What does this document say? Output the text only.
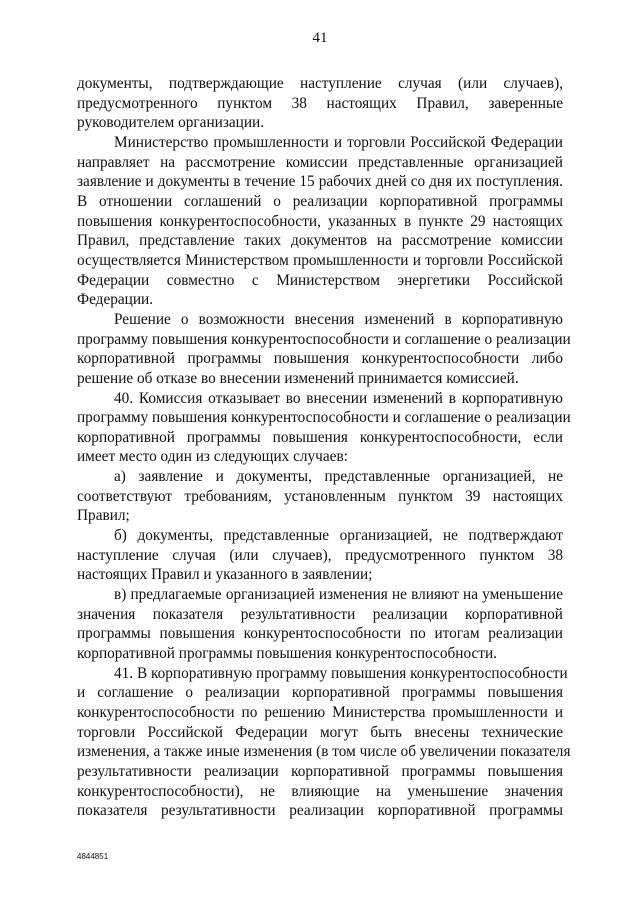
41

документы, подтверждающие наступление случая (или случаев),
предусмотренного пунктом 38 настоящих Правил, заверенные
руководителем организации.

Министерство промышленности и торговли Российской Федерации
направляет на рассмотрение комиссии представленные организацией
заявление и документы в течение 15 рабочих дней со дня их поступления.
В отношении соглашений о реализации корпоративной программы
повышения конкурентоспособности, указанных в пункте 29 настоящих
Правил, представление таких документов на рассмотрение комиссии
осуществляется Министерством промышленности и торговли Российской
Федерации совместно с Министерством энергетики Российской
Федерации.

Решение о возможности внесения изменений в корпоративную
программу повышения конкурентоспособности и соглашение о реализации
корпоративной программы повышения конкурентоспособности либо
решение об отказе во внесении изменений принимается комиссией.

40. Комиссия отказывает во внесении изменений в корпоративную
программу повышения конкурентоспособности и соглашение о реализации
корпоративной программы повышения конкурентоспособности, если
имеет место один из следующих случаев:

а) заявление и документы, представленные организацией, не
соответствуют требованиям, установленным пунктом 39 настоящих
Правил;

б) документы, представленные организацией, не подтверждают
наступление случая (или случаев), предусмотренного пунктом 38
настоящих Правил и указанного в заявлении;

в) предлагаемые организацией изменения не влияют на уменьшение
значения показателя результативности реализации корпоративной
программы повышения конкурентоспособности по итогам реализации
корпоративной программы повышения конкурентоспособности.

41. В корпоративную программу повышения конкурентоспособности
и соглашение о реализации корпоративной программы повышения
конкурентоспособности по решению Министерства промышленности и
торговли Российской Федерации могут быть внесены технические
изменения, а также иные изменения (в том числе об увеличении показателя
результативности реализации корпоративной программы повышения
конкурентоспособности), не влияющие на уменьшение значения
показателя результативности реализации корпоративной программы

4844851
